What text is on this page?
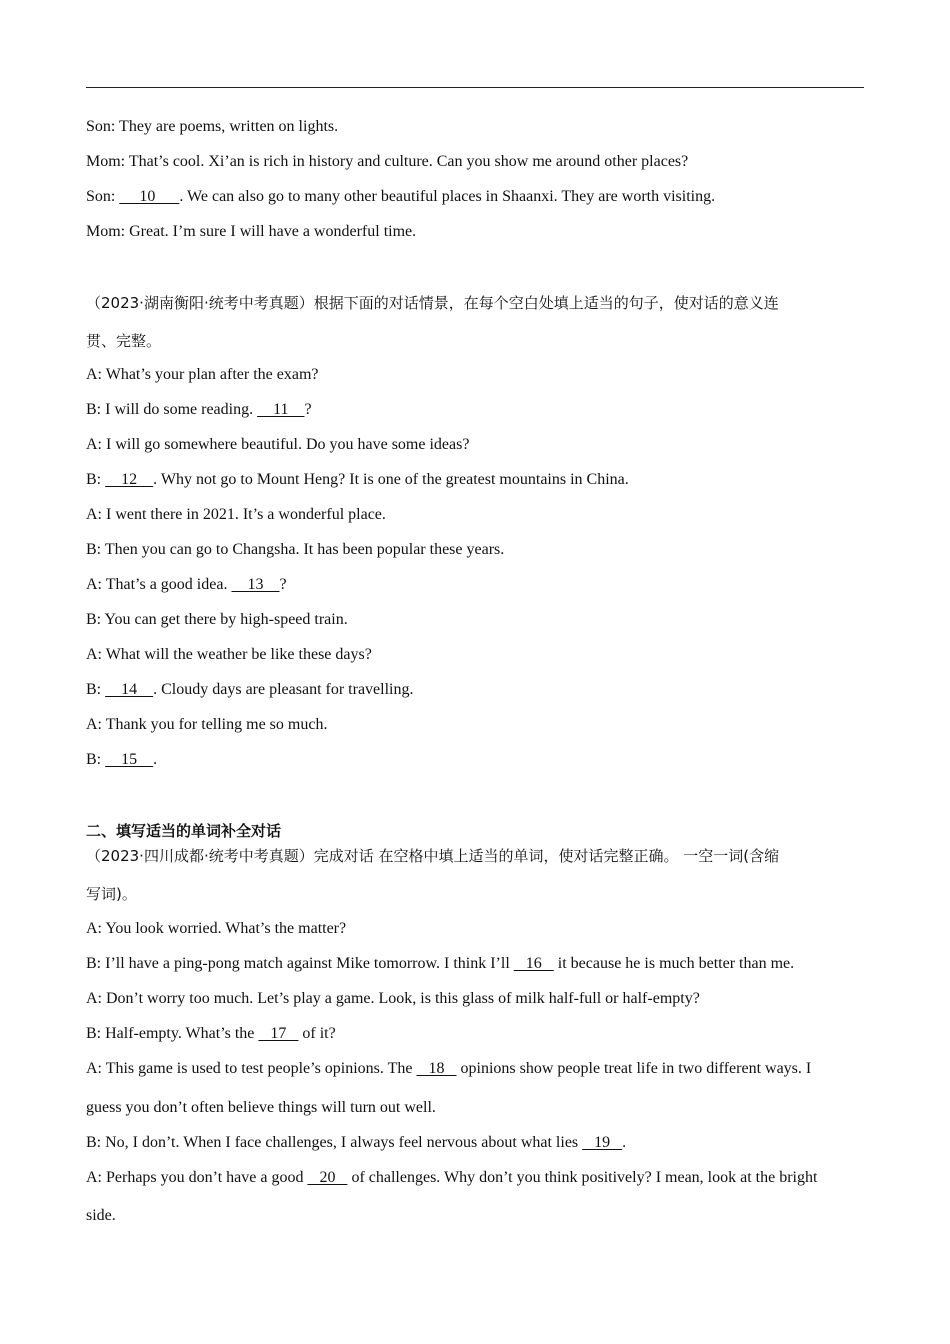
Son: They are poems, written on lights.
Mom: That’s cool. Xi’an is rich in history and culture. Can you show me around other places?
Son:      10      . We can also go to many other beautiful places in Shaanxi. They are worth visiting.
Mom: Great. I’m sure I will have a wonderful time.
（2023·湖南衡阳·统考中考真题）根据下面的对话情景，在每个空白处填上适当的句子，使对话的意义连
贯、完整。
A: What’s your plan after the exam?
B: I will do some reading.     11    ?
A: I will go somewhere beautiful. Do you have some ideas?
B:     12    . Why not go to Mount Heng? It is one of the greatest mountains in China.
A: I went there in 2021. It’s a wonderful place.
B: Then you can go to Changsha. It has been popular these years.
A: That’s a good idea.     13    ?
B: You can get there by high-speed train.
A: What will the weather be like these days?
B:     14    . Cloudy days are pleasant for travelling.
A: Thank you for telling me so much.
B:     15    .
二、填写适当的单词补全对话
（2023·四川成都·统考中考真题）完成对话 在空格中填上适当的单词，使对话完整正确。 一空一词(含缩
写词)。
A: You look worried. What’s the matter?
B: I’ll have a ping-pong match against Mike tomorrow. I think I’ll    16    it because he is much better than me.
A: Don’t worry too much. Let’s play a game. Look, is this glass of milk half-full or half-empty?
B: Half-empty. What’s the    17    of it?
A: This game is used to test people’s opinions. The    18    opinions show people treat life in two different ways. I
guess you don’t often believe things will turn out well.
B: No, I don’t. When I face challenges, I always feel nervous about what lies    19   .
A: Perhaps you don’t have a good    20    of challenges. Why don’t you think positively? I mean, look at the bright
side.
